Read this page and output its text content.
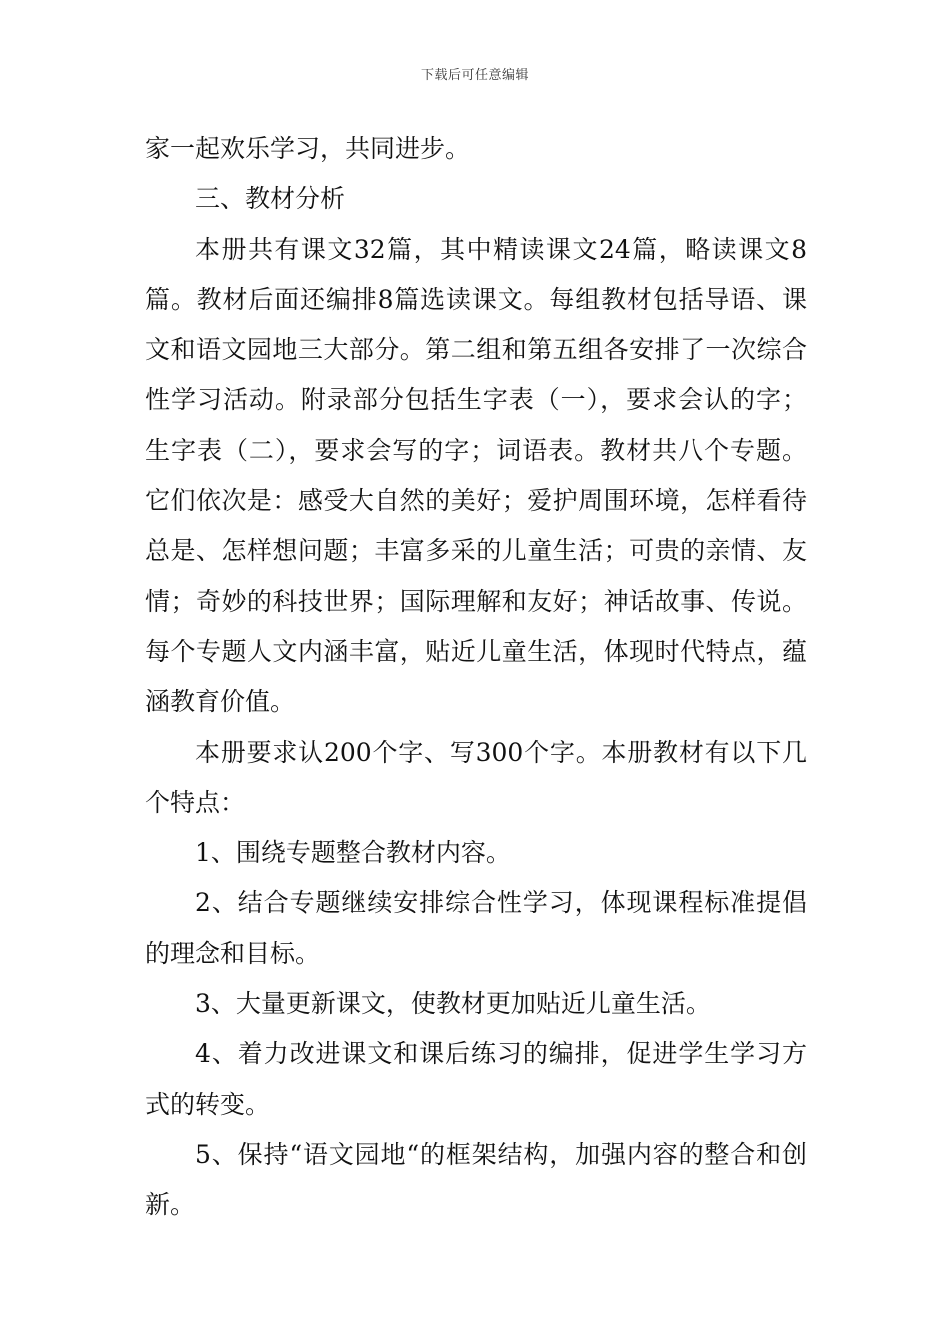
下载后可任意编辑

家一起欢乐学习，共同进步。

三、教材分析

本册共有课文32篇，其中精读课文24篇，略读课文8篇。教材后面还编排8篇选读课文。每组教材包括导语、课文和语文园地三大部分。第二组和第五组各安排了一次综合性学习活动。附录部分包括生字表（一），要求会认的字；生字表（二），要求会写的字；词语表。教材共八个专题。它们依次是：感受大自然的美好；爱护周围环境，怎样看待总是、怎样想问题；丰富多采的儿童生活；可贵的亲情、友情；奇妙的科技世界；国际理解和友好；神话故事、传说。每个专题人文内涵丰富，贴近儿童生活，体现时代特点，蕴涵教育价值。

本册要求认200个字、写300个字。本册教材有以下几个特点：

1、围绕专题整合教材内容。

2、结合专题继续安排综合性学习，体现课程标准提倡的理念和目标。

3、大量更新课文，使教材更加贴近儿童生活。

4、着力改进课文和课后练习的编排，促进学生学习方式的转变。

5、保持“语文园地“的框架结构，加强内容的整合和创新。
